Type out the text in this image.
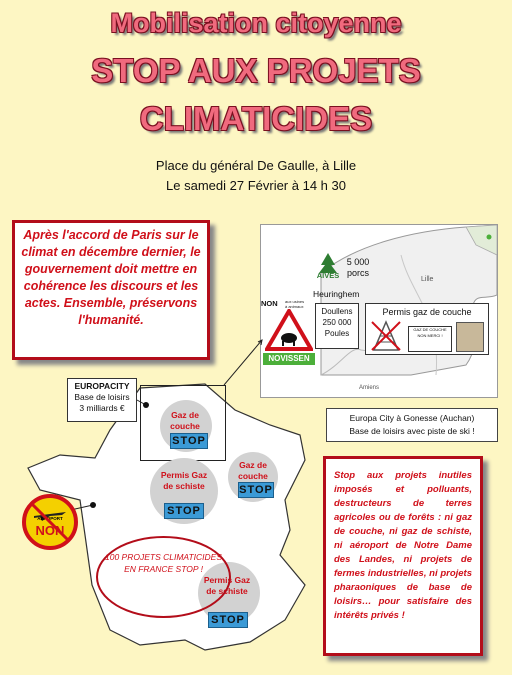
Mobilisation citoyenne
STOP AUX PROJETS
CLIMATICIDES
Place du général De Gaulle, à Lille
Le samedi 27 Février à 14 h 30
Après l'accord de Paris sur le climat en décembre dernier, le gouvernement doit mettre en cohérence les discours et les actes. Ensemble, préservons l'humanité.
AIVES
5 000 porcs
Heuringhem
Lille
Amiens
NON aux usines
à animaux
NOVISSEN
Doullens 250 000 Poules
Permis gaz de couche
GAZ DE COUCHE
NON MERCI !
EUROPACITY
Base de loisirs
3 milliards €
Europa City à Gonesse (Auchan)
Base de loisirs avec piste de ski !
Gaz de couche
STOP
Permis Gaz de schiste
STOP
Gaz de couche
STOP
Permis Gaz de schiste
STOP
AEROPORT
NON
100 PROJETS CLIMATICIDES EN FRANCE STOP !
Stop aux projets inutiles imposés et polluants, destructeurs de terres agricoles ou de forêts : ni gaz de couche, ni gaz de schiste, ni aéroport de Notre Dame des Landes, ni projets de fermes industrielles, ni projets pharaoniques de base de loisirs… pour satisfaire des intérêts privés !
